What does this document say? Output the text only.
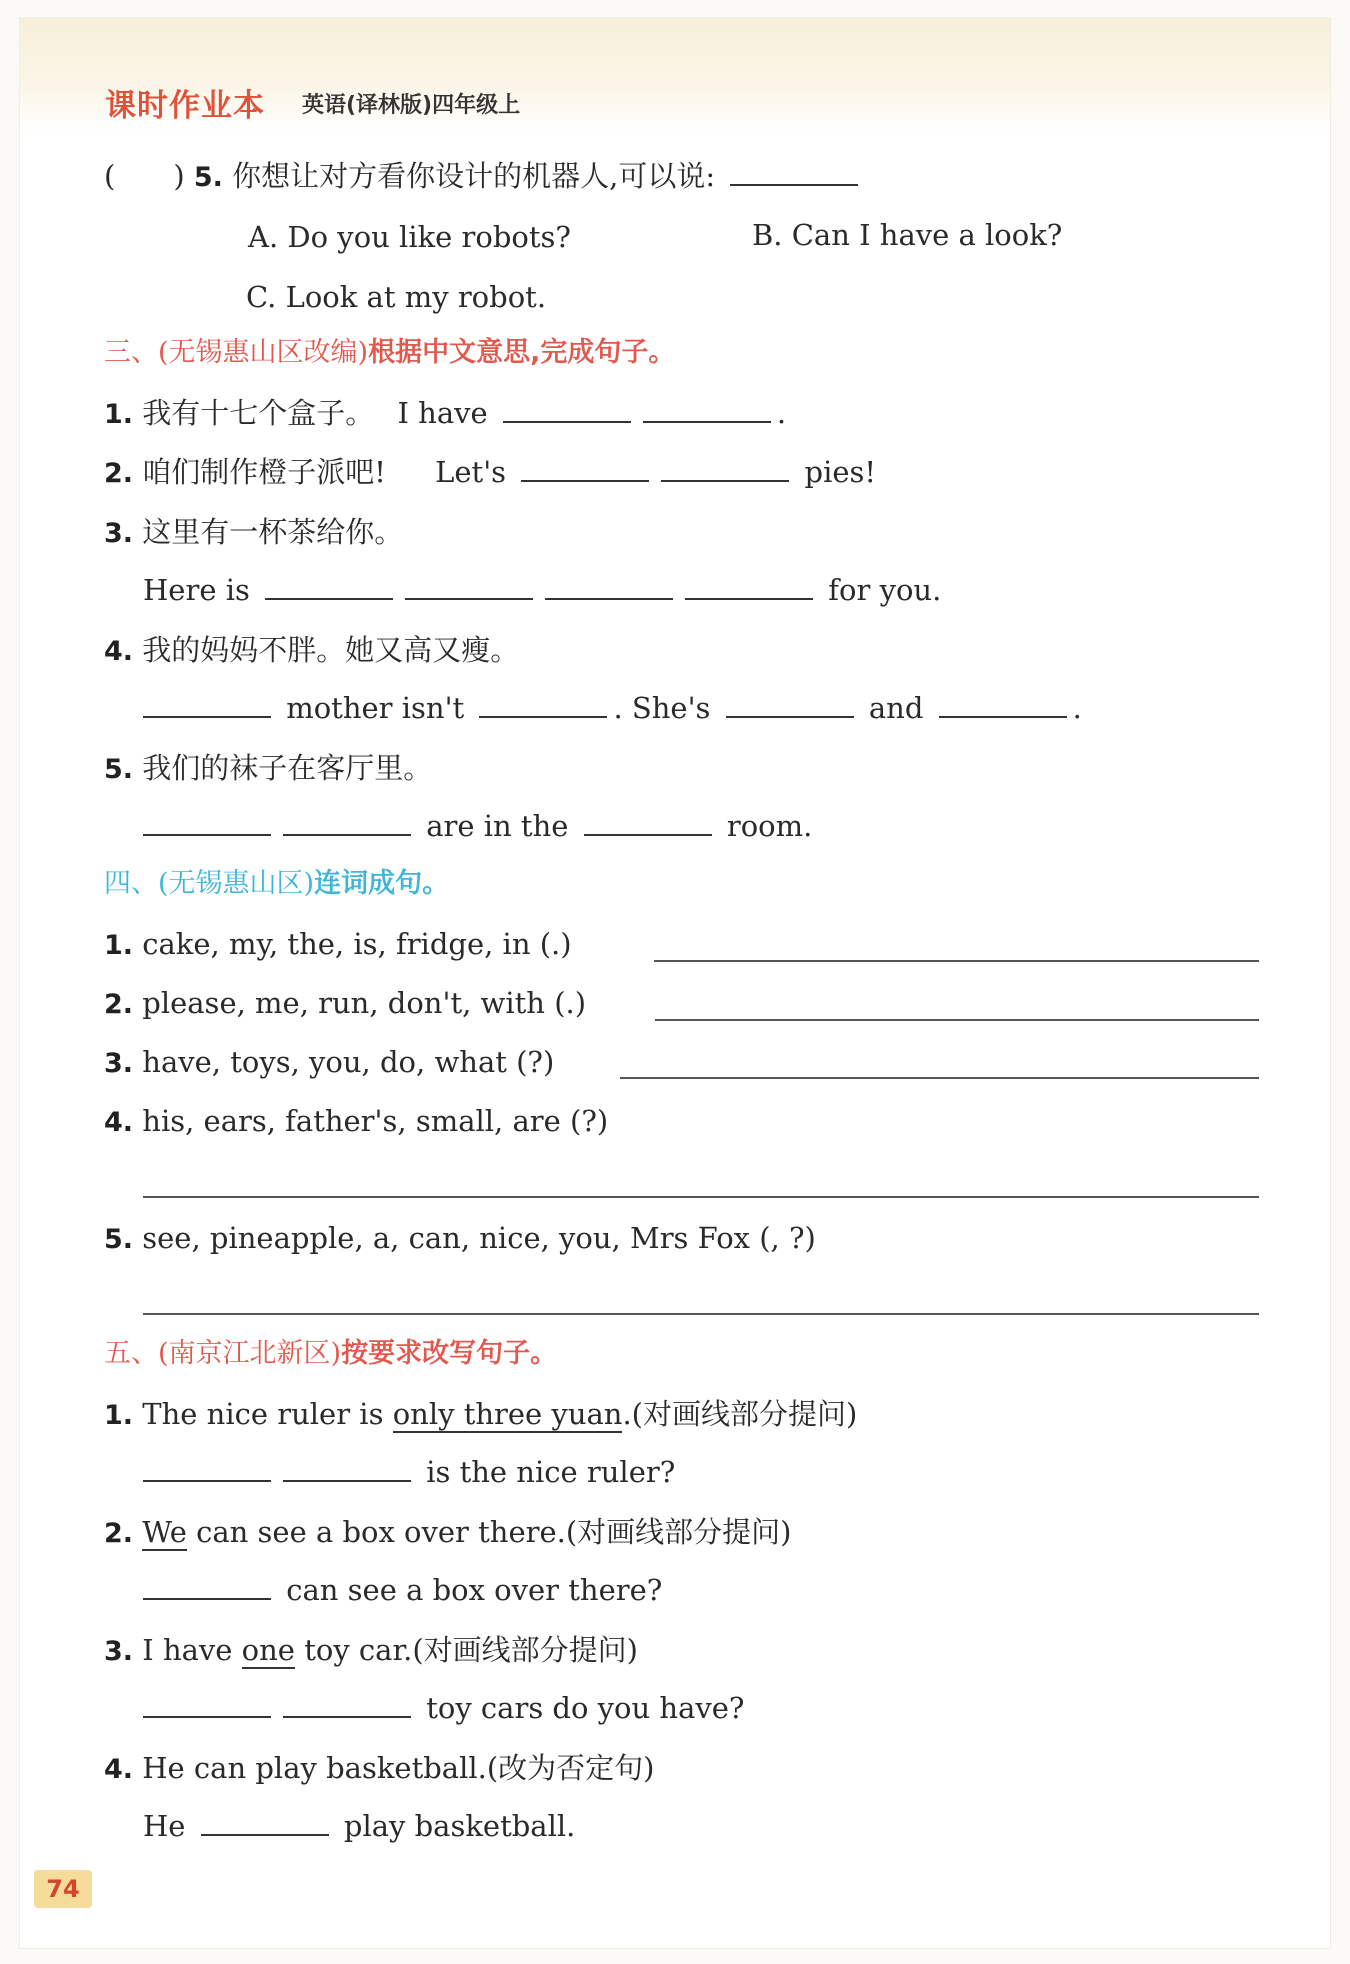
课时作业本 英语(译林版)四年级上
(　　) 5. 你想让对方看你设计的机器人,可以说:
A. Do you like robots?	B. Can I have a look?
C. Look at my robot.
三、(无锡惠山区改编)根据中文意思,完成句子。
1. 我有十七个盒子。 I have	.
2. 咱们制作橙子派吧! Let's	pies!
3. 这里有一杯茶给你。
Here is	for you.
4. 我的妈妈不胖。她又高又瘦。
mother isn't	. She's	and	.
5. 我们的袜子在客厅里。
are in the	room.
四、(无锡惠山区)连词成句。
1. cake, my, the, is, fridge, in (.)
2. please, me, run, don't, with (.)
3. have, toys, you, do, what (?)
4. his, ears, father's, small, are (?)
5. see, pineapple, a, can, nice, you, Mrs Fox (, ?)
五、(南京江北新区)按要求改写句子。
1. The nice ruler is only three yuan.(对画线部分提问)
is the nice ruler?
2. We can see a box over there.(对画线部分提问)
can see a box over there?
3. I have one toy car.(对画线部分提问)
toy cars do you have?
4. He can play basketball.(改为否定句)
He	play basketball.
74
